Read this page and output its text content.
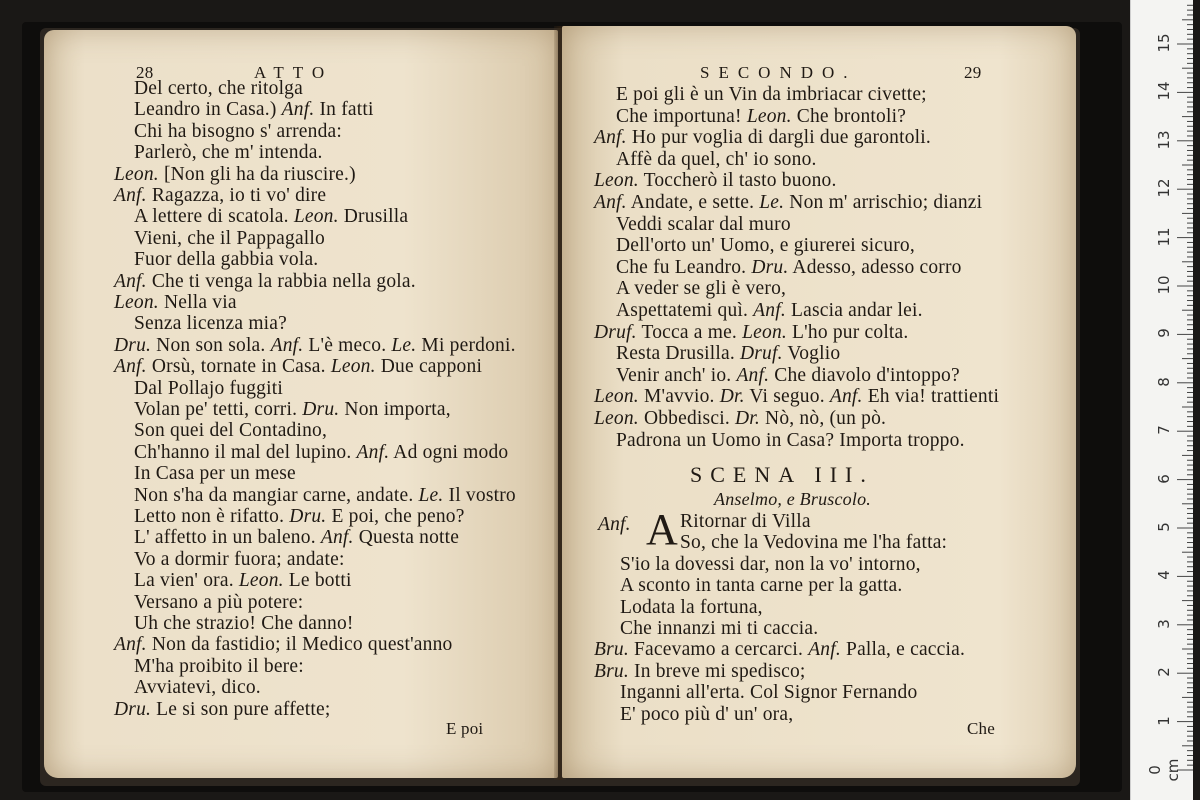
28	ATTO
Del certo, che ritolga
Leandro in Casa.) Anf. In fatti
Chi ha bisogno s' arrenda:
Parlerò, che m' intenda.
Leon. [Non gli ha da riuscire.)
Anf. Ragazza, io ti vo' dire
A lettere di scatola. Leon. Drusilla
Vieni, che il Pappagallo
Fuor della gabbia vola.
Anf. Che ti venga la rabbia nella gola.
Leon. Nella via
Senza licenza mia?
Dru. Non son sola. Anf. L'è meco. Le. Mi perdoni.
Anf. Orsù, tornate in Casa. Leon. Due capponi
Dal Pollajo fuggiti
Volan pe' tetti, corri. Dru. Non importa,
Son quei del Contadino,
Ch'hanno il mal del lupino. Anf. Ad ogni modo
In Casa per un mese
Non s'ha da mangiar carne, andate. Le. Il vostro
Letto non è rifatto. Dru. E poi, che peno?
L' affetto in un baleno. Anf. Questa notte
Vo a dormir fuora; andate:
La vien' ora. Leon. Le botti
Versano a più potere:
Uh che strazio! Che danno!
Anf. Non da fastidio; il Medico quest'anno
M'ha proibito il bere:
Avviatevi, dico.
Dru. Le si son pure affette;
E poi
SECONDO.	29
E poi gli è un Vin da imbriacar civette;
Che importuna! Leon. Che brontoli?
Anf. Ho pur voglia di dargli due garontoli.
Affè da quel, ch' io sono.
Leon. Toccherò il tasto buono.
Anf. Andate, e sette. Le. Non m' arrischio; dianzi
Veddi scalar dal muro
Dell'orto un' Uomo, e giurerei sicuro,
Che fu Leandro. Dru. Adesso, adesso corro
A veder se gli è vero,
Aspettatemi quì. Anf. Lascia andar lei.
Druf. Tocca a me. Leon. L'ho pur colta.
Resta Drusilla. Druf. Voglio
Venir anch' io. Anf. Che diavolo d'intoppo?
Leon. M'avvio. Dr. Vi seguo. Anf. Eh via! trattienti
Leon. Obbedisci. Dr. Nò, nò, (un pò.
Padrona un Uomo in Casa? Importa troppo.
SCENA III.
Anselmo, e Bruscolo.
Anf. A Ritornar di Villa
So, che la Vedovina me l'ha fatta:
S'io la dovessi dar, non la vo' intorno,
A sconto in tanta carne per la gatta.
Lodata la fortuna,
Che innanzi mi ti caccia.
Bru. Facevamo a cercarci. Anf. Palla, e caccia.
Bru. In breve mi spedisco;
Inganni all'erta. Col Signor Fernando
E' poco più d' un' ora,
Che	1
2
3
4
5
6
7
8
9
10
11
12
13
14
15
0 cm
